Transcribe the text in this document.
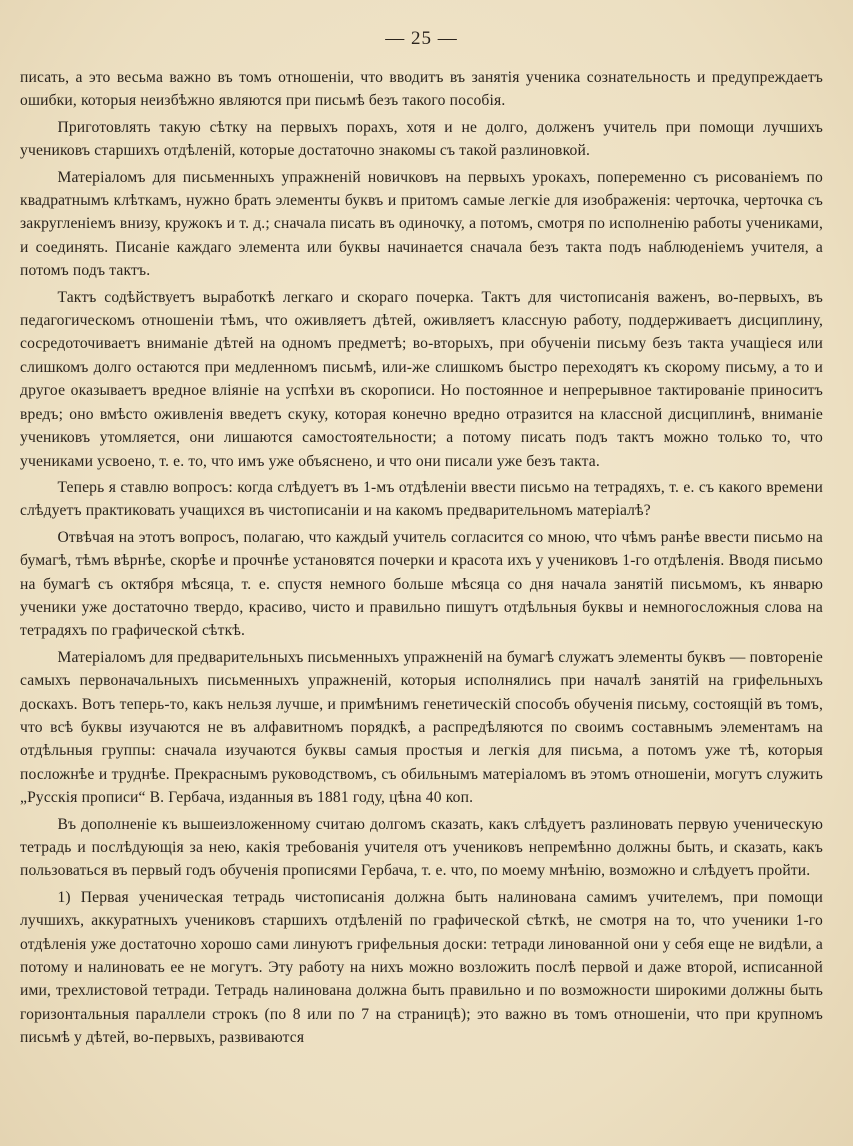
— 25 —

писать, а это весьма важно въ томъ отношеніи, что вводитъ въ занятія ученика сознательность и предупреждаетъ ошибки, которыя неизбѣжно являются при письмѣ безъ такого пособія.

Приготовлять такую сѣтку на первыхъ порахъ, хотя и не долго, долженъ учитель при помощи лучшихъ учениковъ старшихъ отдѣленій, которые достаточно знакомы съ такой разлиновкой.

Матеріаломъ для письменныхъ упражненій новичковъ на первыхъ урокахъ, попеременно съ рисованіемъ по квадратнымъ клѣткамъ, нужно брать элементы буквъ и притомъ самые легкіе для изображенія: черточка, черточка съ закругленіемъ внизу, кружокъ и т. д.; сначала писать въ одиночку, а потомъ, смотря по исполненію работы учениками, и соединять. Писаніе каждаго элемента или буквы начинается сначала безъ такта подъ наблюденіемъ учителя, а потомъ подъ тактъ.

Тактъ содѣйствуетъ выработкѣ легкаго и скораго почерка. Тактъ для чистописанія важенъ, во-первыхъ, въ педагогическомъ отношеніи тѣмъ, что оживляетъ дѣтей, оживляетъ классную работу, поддерживаетъ дисциплину, сосредоточиваетъ вниманіе дѣтей на одномъ предметѣ; во-вторыхъ, при обученіи письму безъ такта учащіеся или слишкомъ долго остаются при медленномъ письмѣ, или-же слишкомъ быстро переходятъ къ скорому письму, а то и другое оказываетъ вредное вліяніе на успѣхи въ скорописи. Но постоянное и непрерывное тактированіе приноситъ вредъ; оно вмѣсто оживленія введетъ скуку, которая конечно вредно отразится на классной дисциплинѣ, вниманіе учениковъ утомляется, они лишаются самостоятельности; а потому писать подъ тактъ можно только то, что учениками усвоено, т. е. то, что имъ уже объяснено, и что они писали уже безъ такта.

Теперь я ставлю вопросъ: когда слѣдуетъ въ 1-мъ отдѣленіи ввести письмо на тетрадяхъ, т. е. съ какого времени слѣдуетъ практиковать учащихся въ чистописаніи и на какомъ предварительномъ матеріалѣ?

Отвѣчая на этотъ вопросъ, полагаю, что каждый учитель согласится со мною, что чѣмъ ранѣе ввести письмо на бумагѣ, тѣмъ вѣрнѣе, скорѣе и прочнѣе установятся почерки и красота ихъ у учениковъ 1-го отдѣленія. Вводя письмо на бумагѣ съ октября мѣсяца, т. е. спустя немного больше мѣсяца со дня начала занятій письмомъ, къ январю ученики уже достаточно твердо, красиво, чисто и правильно пишутъ отдѣльныя буквы и немногосложныя слова на тетрадяхъ по графической сѣткѣ.

Матеріаломъ для предварительныхъ письменныхъ упражненій на бумагѣ служатъ элементы буквъ — повтореніе самыхъ первоначальныхъ письменныхъ упражненій, которыя исполнялись при началѣ занятій на грифельныхъ доскахъ. Вотъ теперь-то, какъ нельзя лучше, и примѣнимъ генетическій способъ обученія письму, состоящій въ томъ, что всѣ буквы изучаются не въ алфавитномъ порядкѣ, а распредѣляются по своимъ составнымъ элементамъ на отдѣльныя группы: сначала изучаются буквы самыя простыя и легкія для письма, а потомъ уже тѣ, которыя посложнѣе и труднѣе. Прекраснымъ руководствомъ, съ обильнымъ матеріаломъ въ этомъ отношеніи, могутъ служить „Русскія прописи“ В. Гербача, изданныя въ 1881 году, цѣна 40 коп.

Въ дополненіе къ вышеизложенному считаю долгомъ сказать, какъ слѣдуетъ разлиновать первую ученическую тетрадь и послѣдующія за нею, какія требованія учителя отъ учениковъ непремѣнно должны быть, и сказать, какъ пользоваться въ первый годъ обученія прописями Гербача, т. е. что, по моему мнѣнію, возможно и слѣдуетъ пройти.

1) Первая ученическая тетрадь чистописанія должна быть налинована самимъ учителемъ, при помощи лучшихъ, аккуратныхъ учениковъ старшихъ отдѣленій по графической сѣткѣ, не смотря на то, что ученики 1-го отдѣленія уже достаточно хорошо сами линуютъ грифельныя доски: тетради линованной они у себя еще не видѣли, а потому и налиновать ее не могутъ. Эту работу на нихъ можно возложить послѣ первой и даже второй, исписанной ими, трехлистовой тетради. Тетрадь налинована должна быть правильно и по возможности широкими должны быть горизонтальныя параллели строкъ (по 8 или по 7 на страницѣ); это важно въ томъ отношеніи, что при крупномъ письмѣ у дѣтей, во-первыхъ, развиваются
